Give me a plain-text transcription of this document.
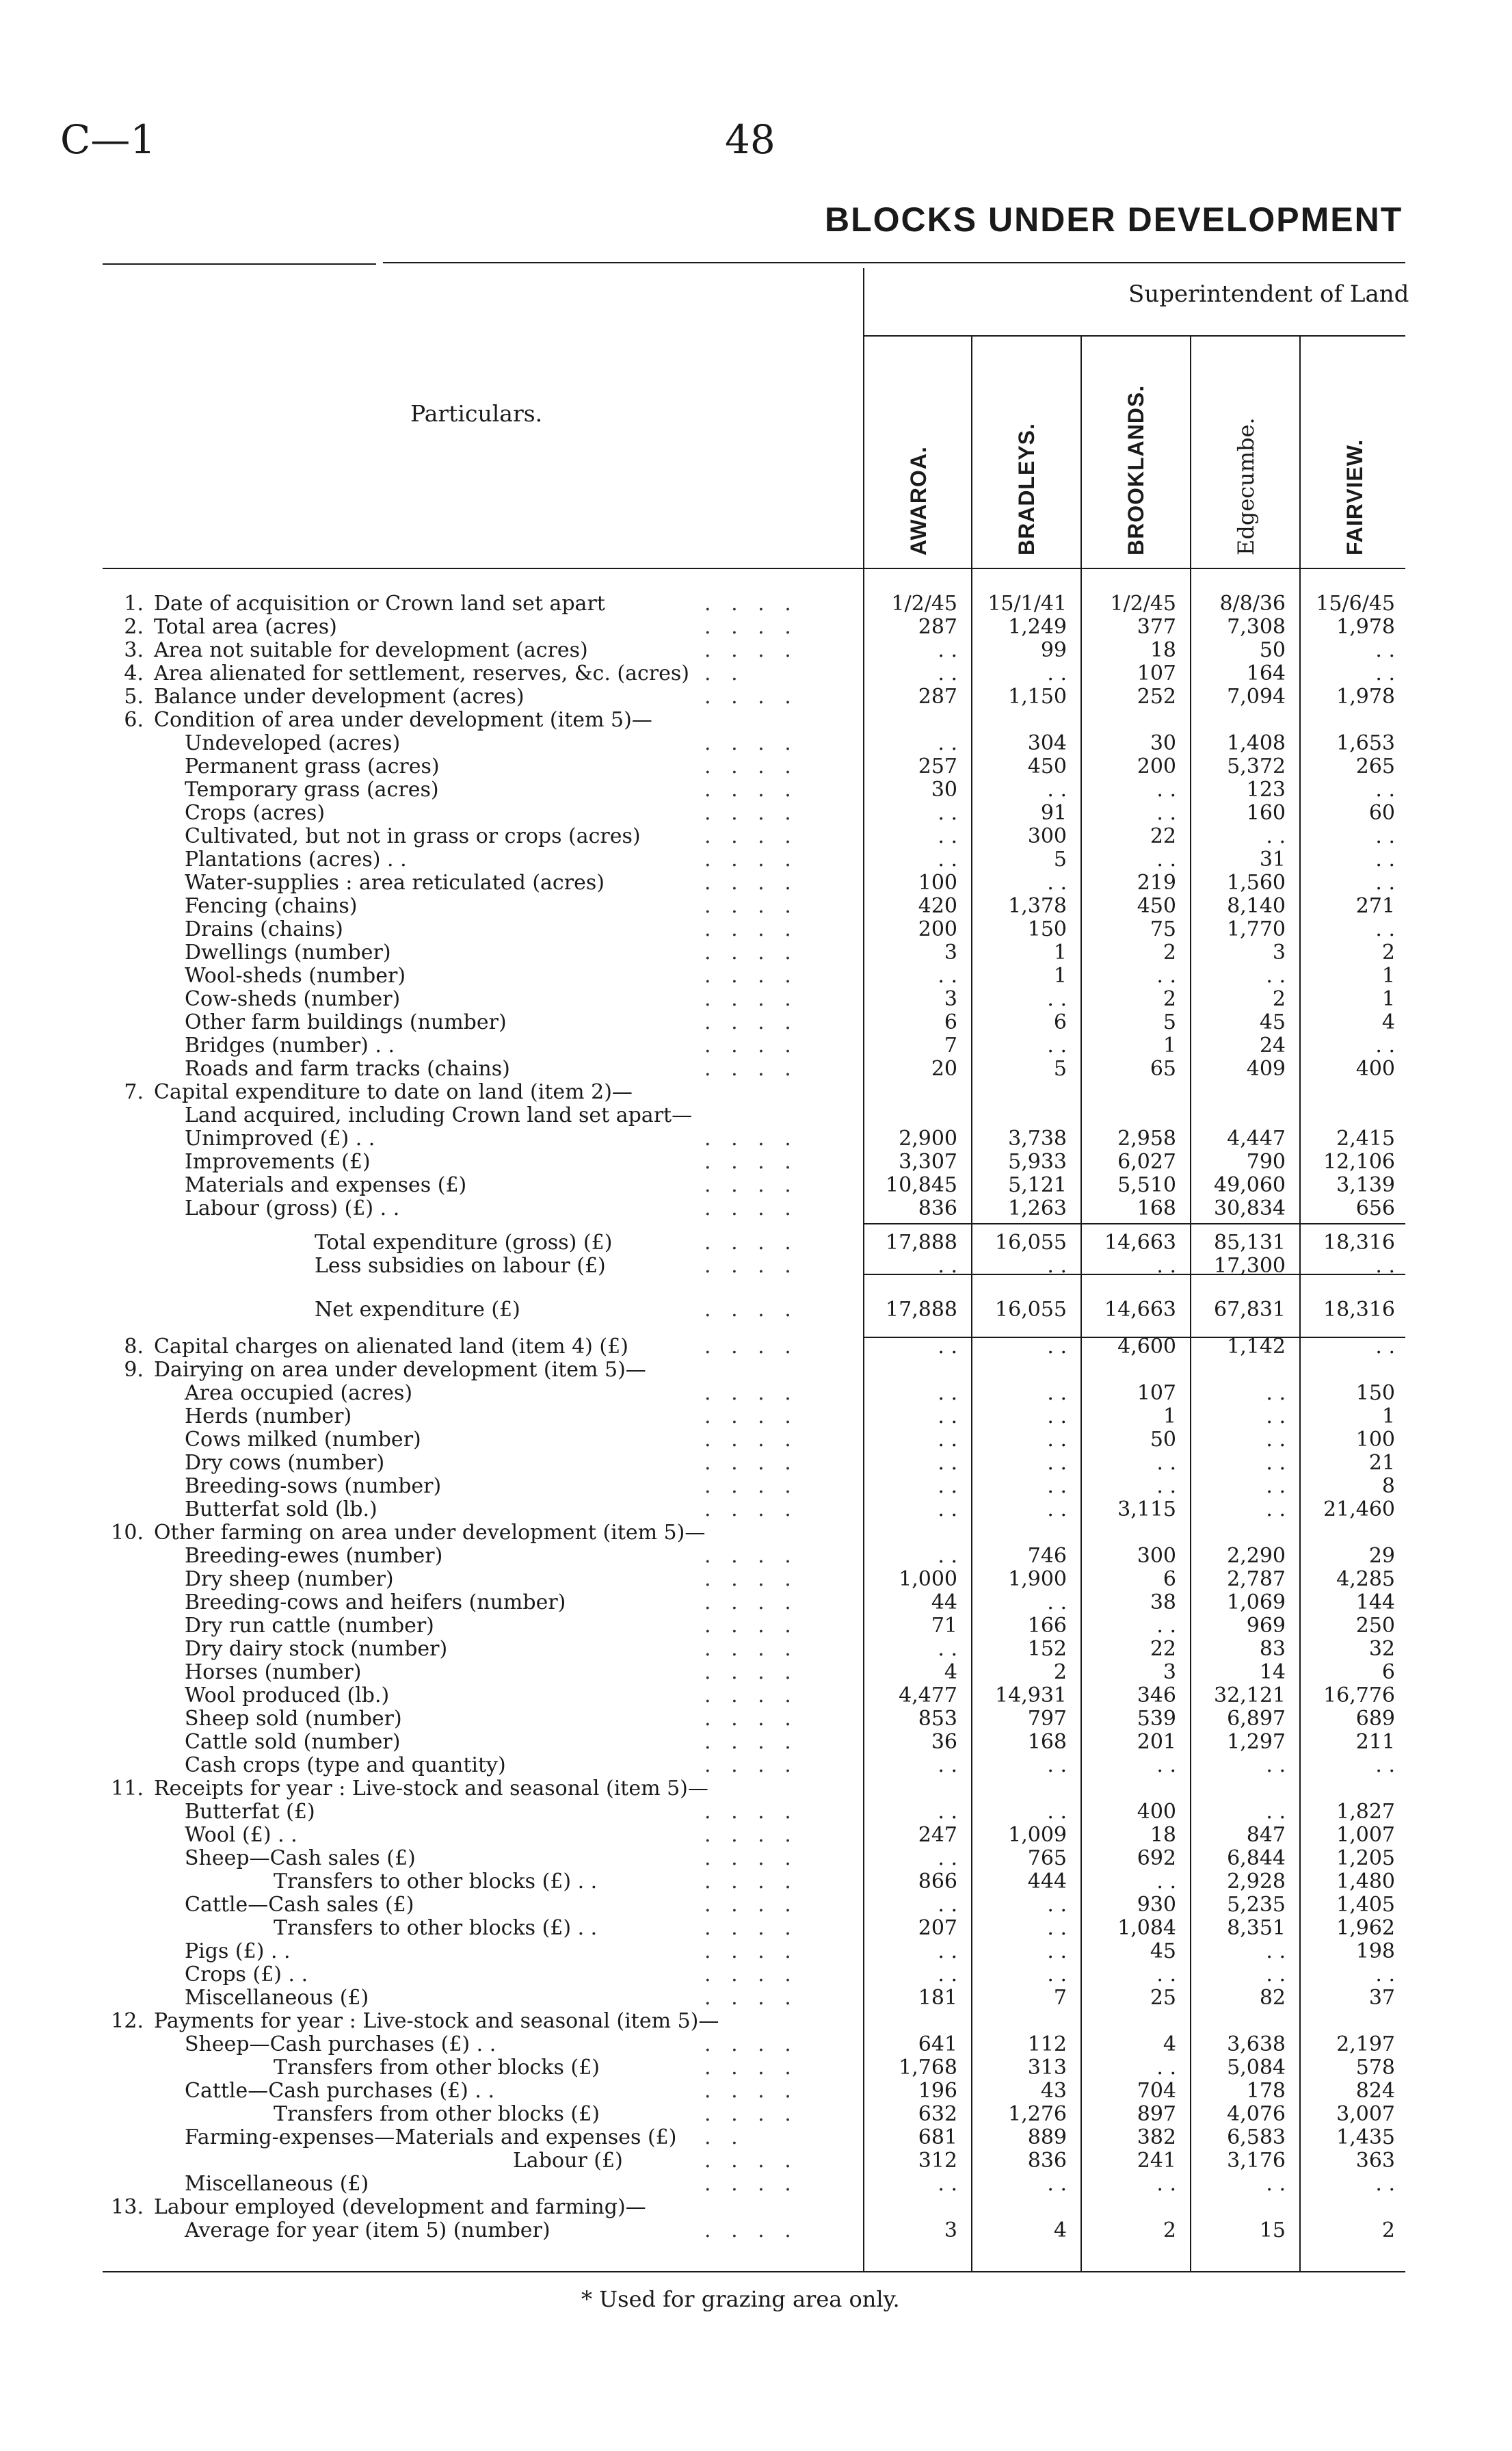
C—1	48
BLOCKS UNDER DEVELOPMENT
Superintendent of Land
Particulars.
AWAROA.	BRADLEYS.	BROOKLANDS.	Edgecumbe.	FAIRVIEW.
1. Date of acquisition or Crown land set apart	. . . .	1/2/45	15/1/41	1/2/45	8/8/36	15/6/45
2. Total area (acres)	. . . .	287	1,249	377	7,308	1,978
3. Area not suitable for development (acres)	. . . .	. .	99	18	50	. .
4. Area alienated for settlement, reserves, &c. (acres) . .	. .	. .	107	164	. .
5. Balance under development (acres)	. . . .	287	1,150	252	7,094	1,978
6. Condition of area under development (item 5)—
Undeveloped (acres)	. . . .	. .	304	30	1,408	1,653
Permanent grass (acres)	. . . .	257	450	200	5,372	265
Temporary grass (acres)	. . . .	30	. .	. .	123	. .
Crops (acres)	. . . .	. .	91	. .	160	60
Cultivated, but not in grass or crops (acres)	. . . .	. .	300	22	. .	. .
Plantations (acres) . .	. . . .	. .	5	. .	31	. .
Water-supplies : area reticulated (acres)	. . . .	100	. .	219	1,560	. .
Fencing (chains)	. . . .	420	1,378	450	8,140	271
Drains (chains)	. . . .	200	150	75	1,770	. .
Dwellings (number)	. . . .	3	1	2	3	2
Wool-sheds (number)	. . . .	. .	1	. .	. .	1
Cow-sheds (number)	. . . .	3	. .	2	2	1
Other farm buildings (number)	. . . .	6	6	5	45	4
Bridges (number) . .	. . . .	7	. .	1	24	. .
Roads and farm tracks (chains)	. . . .	20	5	65	409	400
7. Capital expenditure to date on land (item 2)—
Land acquired, including Crown land set apart—
Unimproved (£) . .	. . . .	2,900	3,738	2,958	4,447	2,415
Improvements (£)	. . . .	3,307	5,933	6,027	790	12,106
Materials and expenses (£)	. . . .	10,845	5,121	5,510	49,060	3,139
Labour (gross) (£) . .	. . . .	836	1,263	168	30,834	656
Total expenditure (gross) (£)	. . . .	17,888	16,055	14,663	85,131	18,316
Less subsidies on labour (£)	. . . .	. .	. .	. .	17,300	. .
Net expenditure (£)	. . . .	17,888	16,055	14,663	67,831	18,316
8. Capital charges on alienated land (item 4) (£)	. . . .	. .	. .	4,600	1,142	. .
9. Dairying on area under development (item 5)—
Area occupied (acres)	. . . .	. .	. .	107	. .	150
Herds (number)	. . . .	. .	. .	1	. .	1
Cows milked (number)	. . . .	. .	. .	50	. .	100
Dry cows (number)	. . . .	. .	. .	. .	. .	21
Breeding-sows (number)	. . . .	. .	. .	. .	. .	8
Butterfat sold (lb.)	. . . .	. .	. .	3,115	. .	21,460
10. Other farming on area under development (item 5)—
Breeding-ewes (number)	. . . .	. .	746	300	2,290	29
Dry sheep (number)	. . . .	1,000	1,900	6	2,787	4,285
Breeding-cows and heifers (number)	. . . .	44	. .	38	1,069	144
Dry run cattle (number)	. . . .	71	166	. .	969	250
Dry dairy stock (number)	. . . .	. .	152	22	83	32
Horses (number)	. . . .	4	2	3	14	6
Wool produced (lb.)	. . . .	4,477	14,931	346	32,121	16,776
Sheep sold (number)	. . . .	853	797	539	6,897	689
Cattle sold (number)	. . . .	36	168	201	1,297	211
Cash crops (type and quantity)	. . . .	. .	. .	. .	. .	. .
11. Receipts for year : Live-stock and seasonal (item 5)—
Butterfat (£)	. . . .	. .	. .	400	. .	1,827
Wool (£) . .	. . . .	247	1,009	18	847	1,007
Sheep—Cash sales (£)	. . . .	. .	765	692	6,844	1,205
Transfers to other blocks (£) . .	. . . .	866	444	. .	2,928	1,480
Cattle—Cash sales (£)	. . . .	. .	. .	930	5,235	1,405
Transfers to other blocks (£) . .	. . . .	207	. .	1,084	8,351	1,962
Pigs (£) . .	. . . .	. .	. .	45	. .	198
Crops (£) . .	. . . .	. .	. .	. .	. .	. .
Miscellaneous (£)	. . . .	181	7	25	82	37
12. Payments for year : Live-stock and seasonal (item 5)—
Sheep—Cash purchases (£) . .	. . . .	641	112	4	3,638	2,197
Transfers from other blocks (£)	. . . .	1,768	313	. .	5,084	578
Cattle—Cash purchases (£) . .	. . . .	196	43	704	178	824
Transfers from other blocks (£)	. . . .	632	1,276	897	4,076	3,007
Farming-expenses—Materials and expenses (£) . .	681	889	382	6,583	1,435
Labour (£)	. . . .	312	836	241	3,176	363
Miscellaneous (£)	. . . .	. .	. .	. .	. .	. .
13. Labour employed (development and farming)—
Average for year (item 5) (number)	. . . .	3	4	2	15	2
* Used for grazing area only.
